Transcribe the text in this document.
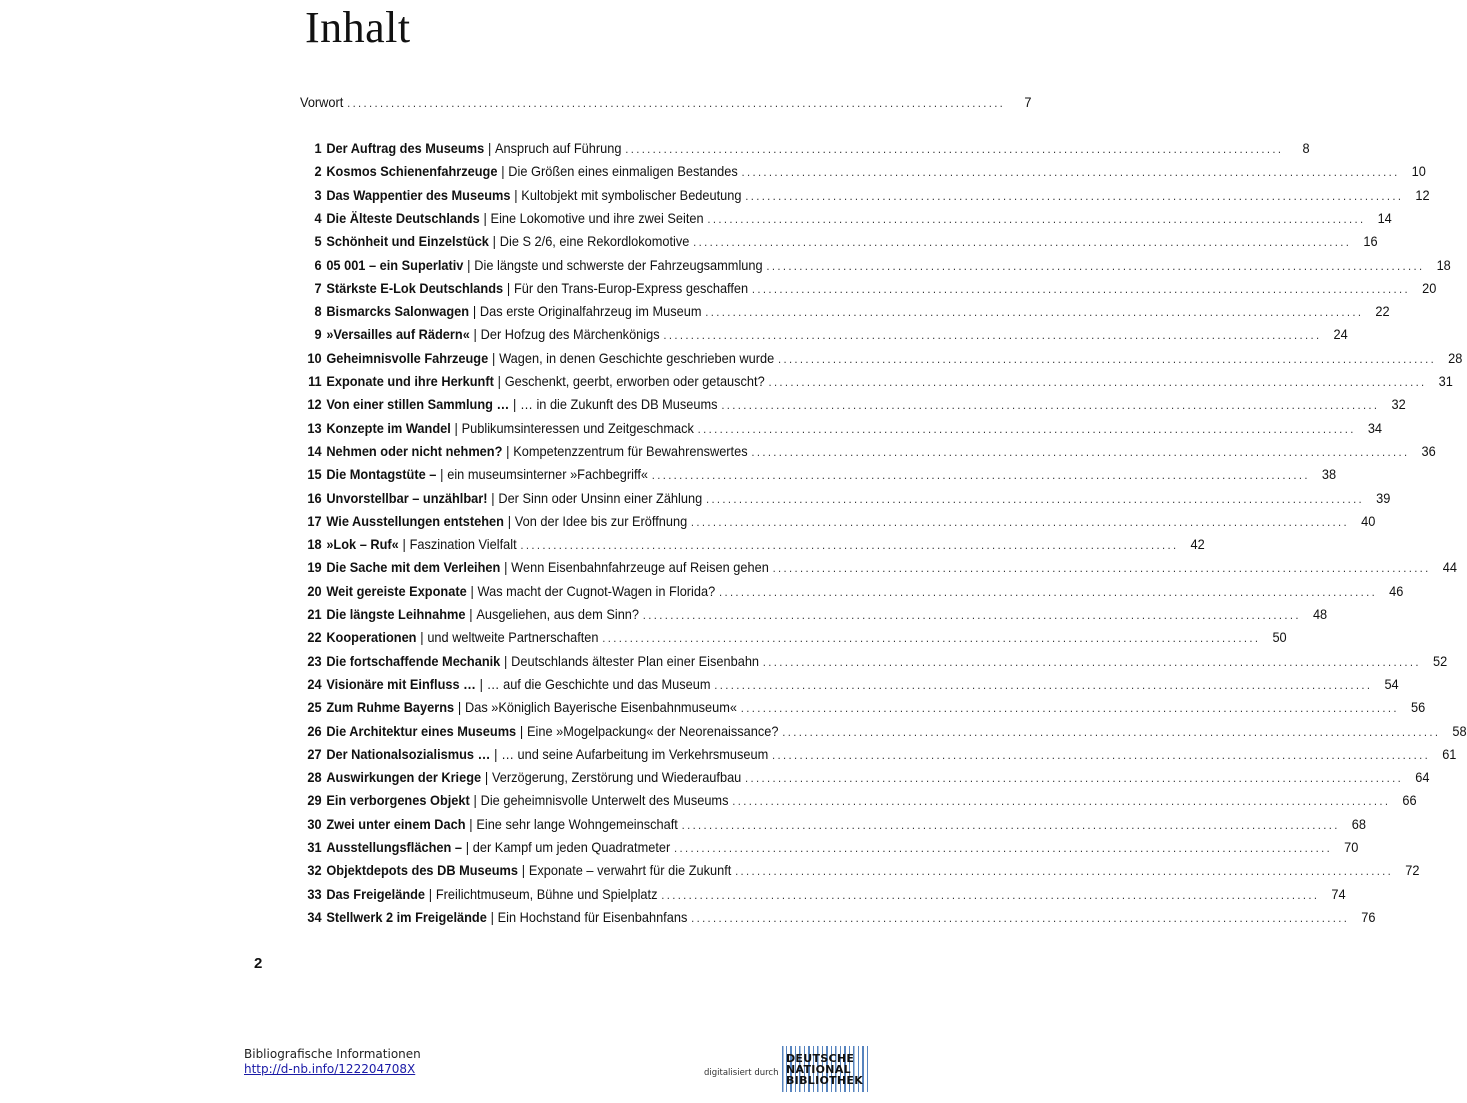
Inhalt
Vorwort ........................................................................................................................	7
1 Der Auftrag des Museums | Anspruch auf Führung ........................................................................................................................	8
2 Kosmos Schienenfahrzeuge | Die Größen eines einmaligen Bestandes ........................................................................................................................ 10
3 Das Wappentier des Museums | Kultobjekt mit symbolischer Bedeutung ........................................................................................................................ 12
4 Die Älteste Deutschlands | Eine Lokomotive und ihre zwei Seiten ........................................................................................................................ 14
5 Schönheit und Einzelstück | Die S 2/6, eine Rekordlokomotive ........................................................................................................................ 16
6 05 001 – ein Superlativ | Die längste und schwerste der Fahrzeugsammlung ........................................................................................................................ 18
7 Stärkste E-Lok Deutschlands | Für den Trans-Europ-Express geschaffen ........................................................................................................................ 20
8 Bismarcks Salonwagen | Das erste Originalfahrzeug im Museum ........................................................................................................................ 22
9 »Versailles auf Rädern« | Der Hofzug des Märchenkönigs ........................................................................................................................ 24
10 Geheimnisvolle Fahrzeuge | Wagen, in denen Geschichte geschrieben wurde ........................................................................................................................ 28
11 Exponate und ihre Herkunft | Geschenkt, geerbt, erworben oder getauscht? ........................................................................................................................ 31
12 Von einer stillen Sammlung … | … in die Zukunft des DB Museums ........................................................................................................................ 32
13 Konzepte im Wandel | Publikumsinteressen und Zeitgeschmack ........................................................................................................................ 34
14 Nehmen oder nicht nehmen? | Kompetenzzentrum für Bewahrenswertes ........................................................................................................................ 36
15 Die Montagstüte – | ein museumsinterner »Fachbegriff« ........................................................................................................................ 38
16 Unvorstellbar – unzählbar! | Der Sinn oder Unsinn einer Zählung ........................................................................................................................ 39
17 Wie Ausstellungen entstehen | Von der Idee bis zur Eröffnung ........................................................................................................................ 40
18 »Lok – Ruf« | Faszination Vielfalt ........................................................................................................................ 42
19 Die Sache mit dem Verleihen | Wenn Eisenbahnfahrzeuge auf Reisen gehen ........................................................................................................................ 44
20 Weit gereiste Exponate | Was macht der Cugnot-Wagen in Florida? ........................................................................................................................ 46
21 Die längste Leihnahme | Ausgeliehen, aus dem Sinn? ........................................................................................................................ 48
22 Kooperationen | und weltweite Partnerschaften ........................................................................................................................ 50
23 Die fortschaffende Mechanik | Deutschlands ältester Plan einer Eisenbahn ........................................................................................................................ 52
24 Visionäre mit Einfluss … | … auf die Geschichte und das Museum ........................................................................................................................ 54
25 Zum Ruhme Bayerns | Das »Königlich Bayerische Eisenbahnmuseum« ........................................................................................................................ 56
26 Die Architektur eines Museums | Eine »Mogelpackung« der Neorenaissance? ........................................................................................................................ 58
27 Der Nationalsozialismus … | … und seine Aufarbeitung im Verkehrsmuseum ........................................................................................................................ 61
28 Auswirkungen der Kriege | Verzögerung, Zerstörung und Wiederaufbau ........................................................................................................................ 64
29 Ein verborgenes Objekt | Die geheimnisvolle Unterwelt des Museums ........................................................................................................................ 66
30 Zwei unter einem Dach | Eine sehr lange Wohngemeinschaft ........................................................................................................................ 68
31 Ausstellungsflächen – | der Kampf um jeden Quadratmeter ........................................................................................................................ 70
32 Objektdepots des DB Museums | Exponate – verwahrt für die Zukunft ........................................................................................................................ 72
33 Das Freigelände | Freilichtmuseum, Bühne und Spielplatz ........................................................................................................................ 74
34 Stellwerk 2 im Freigelände | Ein Hochstand für Eisenbahnfans ........................................................................................................................ 76
2
Bibliografische Informationen
http://d-nb.info/122204708X	digitalisiert durch
DEUTSCHE
NATIONAL
BIBLIOTHEK
